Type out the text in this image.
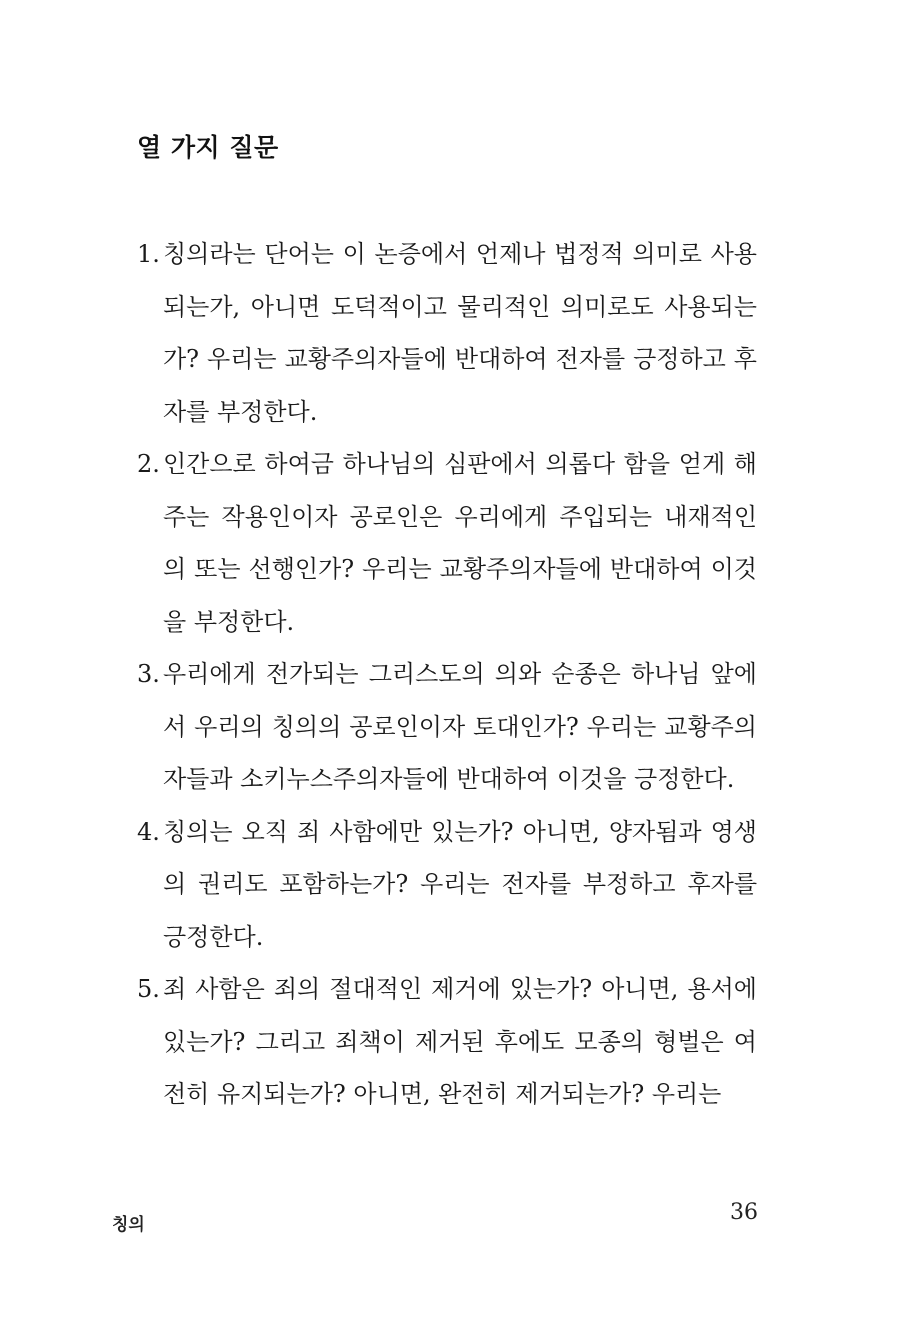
열 가지 질문
1. 칭의라는 단어는 이 논증에서 언제나 법정적 의미로 사용되는가, 아니면 도덕적이고 물리적인 의미로도 사용되는가? 우리는 교황주의자들에 반대하여 전자를 긍정하고 후자를 부정한다.
2. 인간으로 하여금 하나님의 심판에서 의롭다 함을 얻게 해주는 작용인이자 공로인은 우리에게 주입되는 내재적인 의 또는 선행인가? 우리는 교황주의자들에 반대하여 이것을 부정한다.
3. 우리에게 전가되는 그리스도의 의와 순종은 하나님 앞에서 우리의 칭의의 공로인이자 토대인가? 우리는 교황주의자들과 소키누스주의자들에 반대하여 이것을 긍정한다.
4. 칭의는 오직 죄 사함에만 있는가? 아니면, 양자됨과 영생의 권리도 포함하는가? 우리는 전자를 부정하고 후자를 긍정한다.
5. 죄 사함은 죄의 절대적인 제거에 있는가? 아니면, 용서에 있는가? 그리고 죄책이 제거된 후에도 모종의 형벌은 여전히 유지되는가? 아니면, 완전히 제거되는가? 우리는
칭의	36
